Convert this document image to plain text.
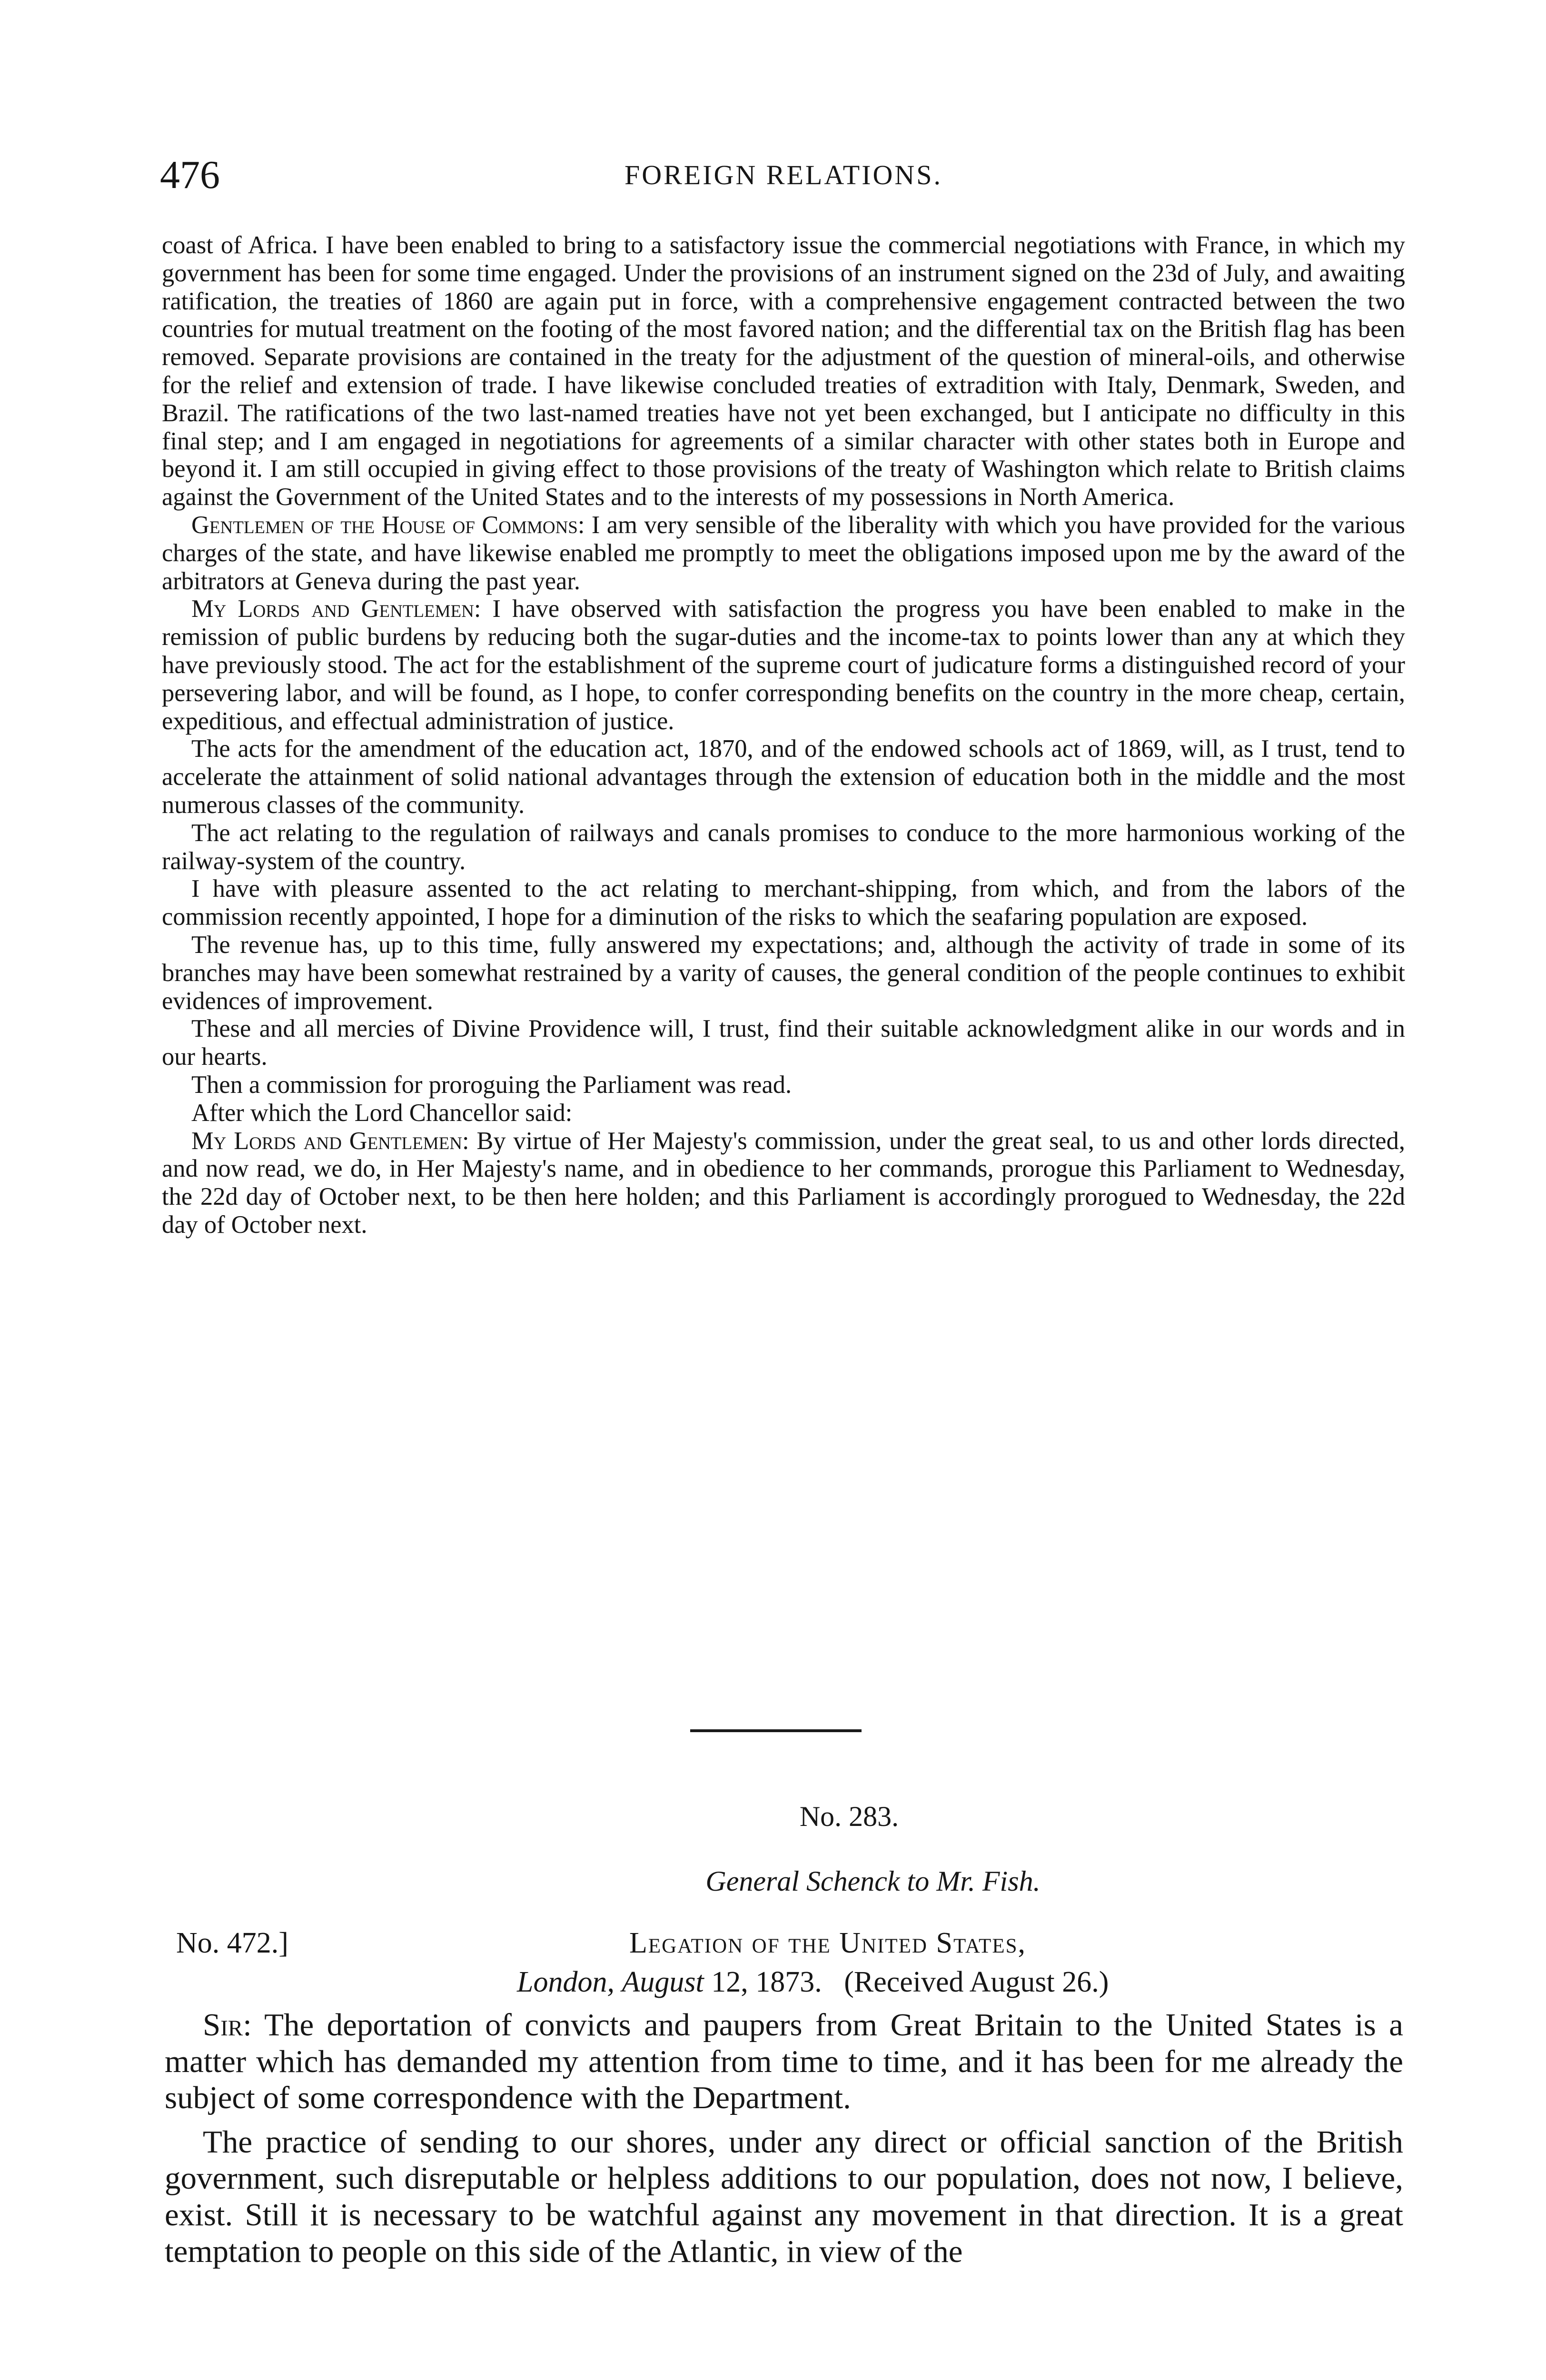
476	FOREIGN RELATIONS.

coast of Africa. I have been enabled to bring to a satisfactory issue the commercial negotiations with France, in which my government has been for some time engaged. Under the provisions of an instrument signed on the 23d of July, and awaiting ratification, the treaties of 1860 are again put in force, with a comprehensive engagement contracted between the two countries for mutual treatment on the footing of the most favored nation; and the differential tax on the British flag has been removed. Separate provisions are contained in the treaty for the adjustment of the question of mineral-oils, and otherwise for the relief and extension of trade. I have likewise concluded treaties of extradition with Italy, Denmark, Sweden, and Brazil. The ratifications of the two last-named treaties have not yet been exchanged, but I anticipate no difficulty in this final step; and I am engaged in negotiations for agreements of a similar character with other states both in Europe and beyond it. I am still occupied in giving effect to those provisions of the treaty of Washington which relate to British claims against the Government of the United States and to the interests of my possessions in North America.

Gentlemen of the House of Commons: I am very sensible of the liberality with which you have provided for the various charges of the state, and have likewise enabled me promptly to meet the obligations imposed upon me by the award of the arbitrators at Geneva during the past year.

My Lords and Gentlemen: I have observed with satisfaction the progress you have been enabled to make in the remission of public burdens by reducing both the sugar-duties and the income-tax to points lower than any at which they have previously stood. The act for the establishment of the supreme court of judicature forms a distinguished record of your persevering labor, and will be found, as I hope, to confer corresponding benefits on the country in the more cheap, certain, expeditious, and effectual administration of justice.

The acts for the amendment of the education act, 1870, and of the endowed schools act of 1869, will, as I trust, tend to accelerate the attainment of solid national advantages through the extension of education both in the middle and the most numerous classes of the community.

The act relating to the regulation of railways and canals promises to conduce to the more harmonious working of the railway-system of the country.

I have with pleasure assented to the act relating to merchant-shipping, from which, and from the labors of the commission recently appointed, I hope for a diminution of the risks to which the seafaring population are exposed.

The revenue has, up to this time, fully answered my expectations; and, although the activity of trade in some of its branches may have been somewhat restrained by a varity of causes, the general condition of the people continues to exhibit evidences of improvement.

These and all mercies of Divine Providence will, I trust, find their suitable acknowledgment alike in our words and in our hearts.

Then a commission for proroguing the Parliament was read.

After which the Lord Chancellor said:

My Lords and Gentlemen: By virtue of Her Majesty's commission, under the great seal, to us and other lords directed, and now read, we do, in Her Majesty's name, and in obedience to her commands, prorogue this Parliament to Wednesday, the 22d day of October next, to be then here holden; and this Parliament is accordingly prorogued to Wednesday, the 22d day of October next.

No. 283.
General Schenck to Mr. Fish.
No. 472.]	Legation of the United States,
London, August 12, 1873. (Received August 26.)

Sir: The deportation of convicts and paupers from Great Britain to the United States is a matter which has demanded my attention from time to time, and it has been for me already the subject of some correspondence with the Department.

The practice of sending to our shores, under any direct or official sanction of the British government, such disreputable or helpless additions to our population, does not now, I believe, exist. Still it is necessary to be watchful against any movement in that direction. It is a great temptation to people on this side of the Atlantic, in view of the
